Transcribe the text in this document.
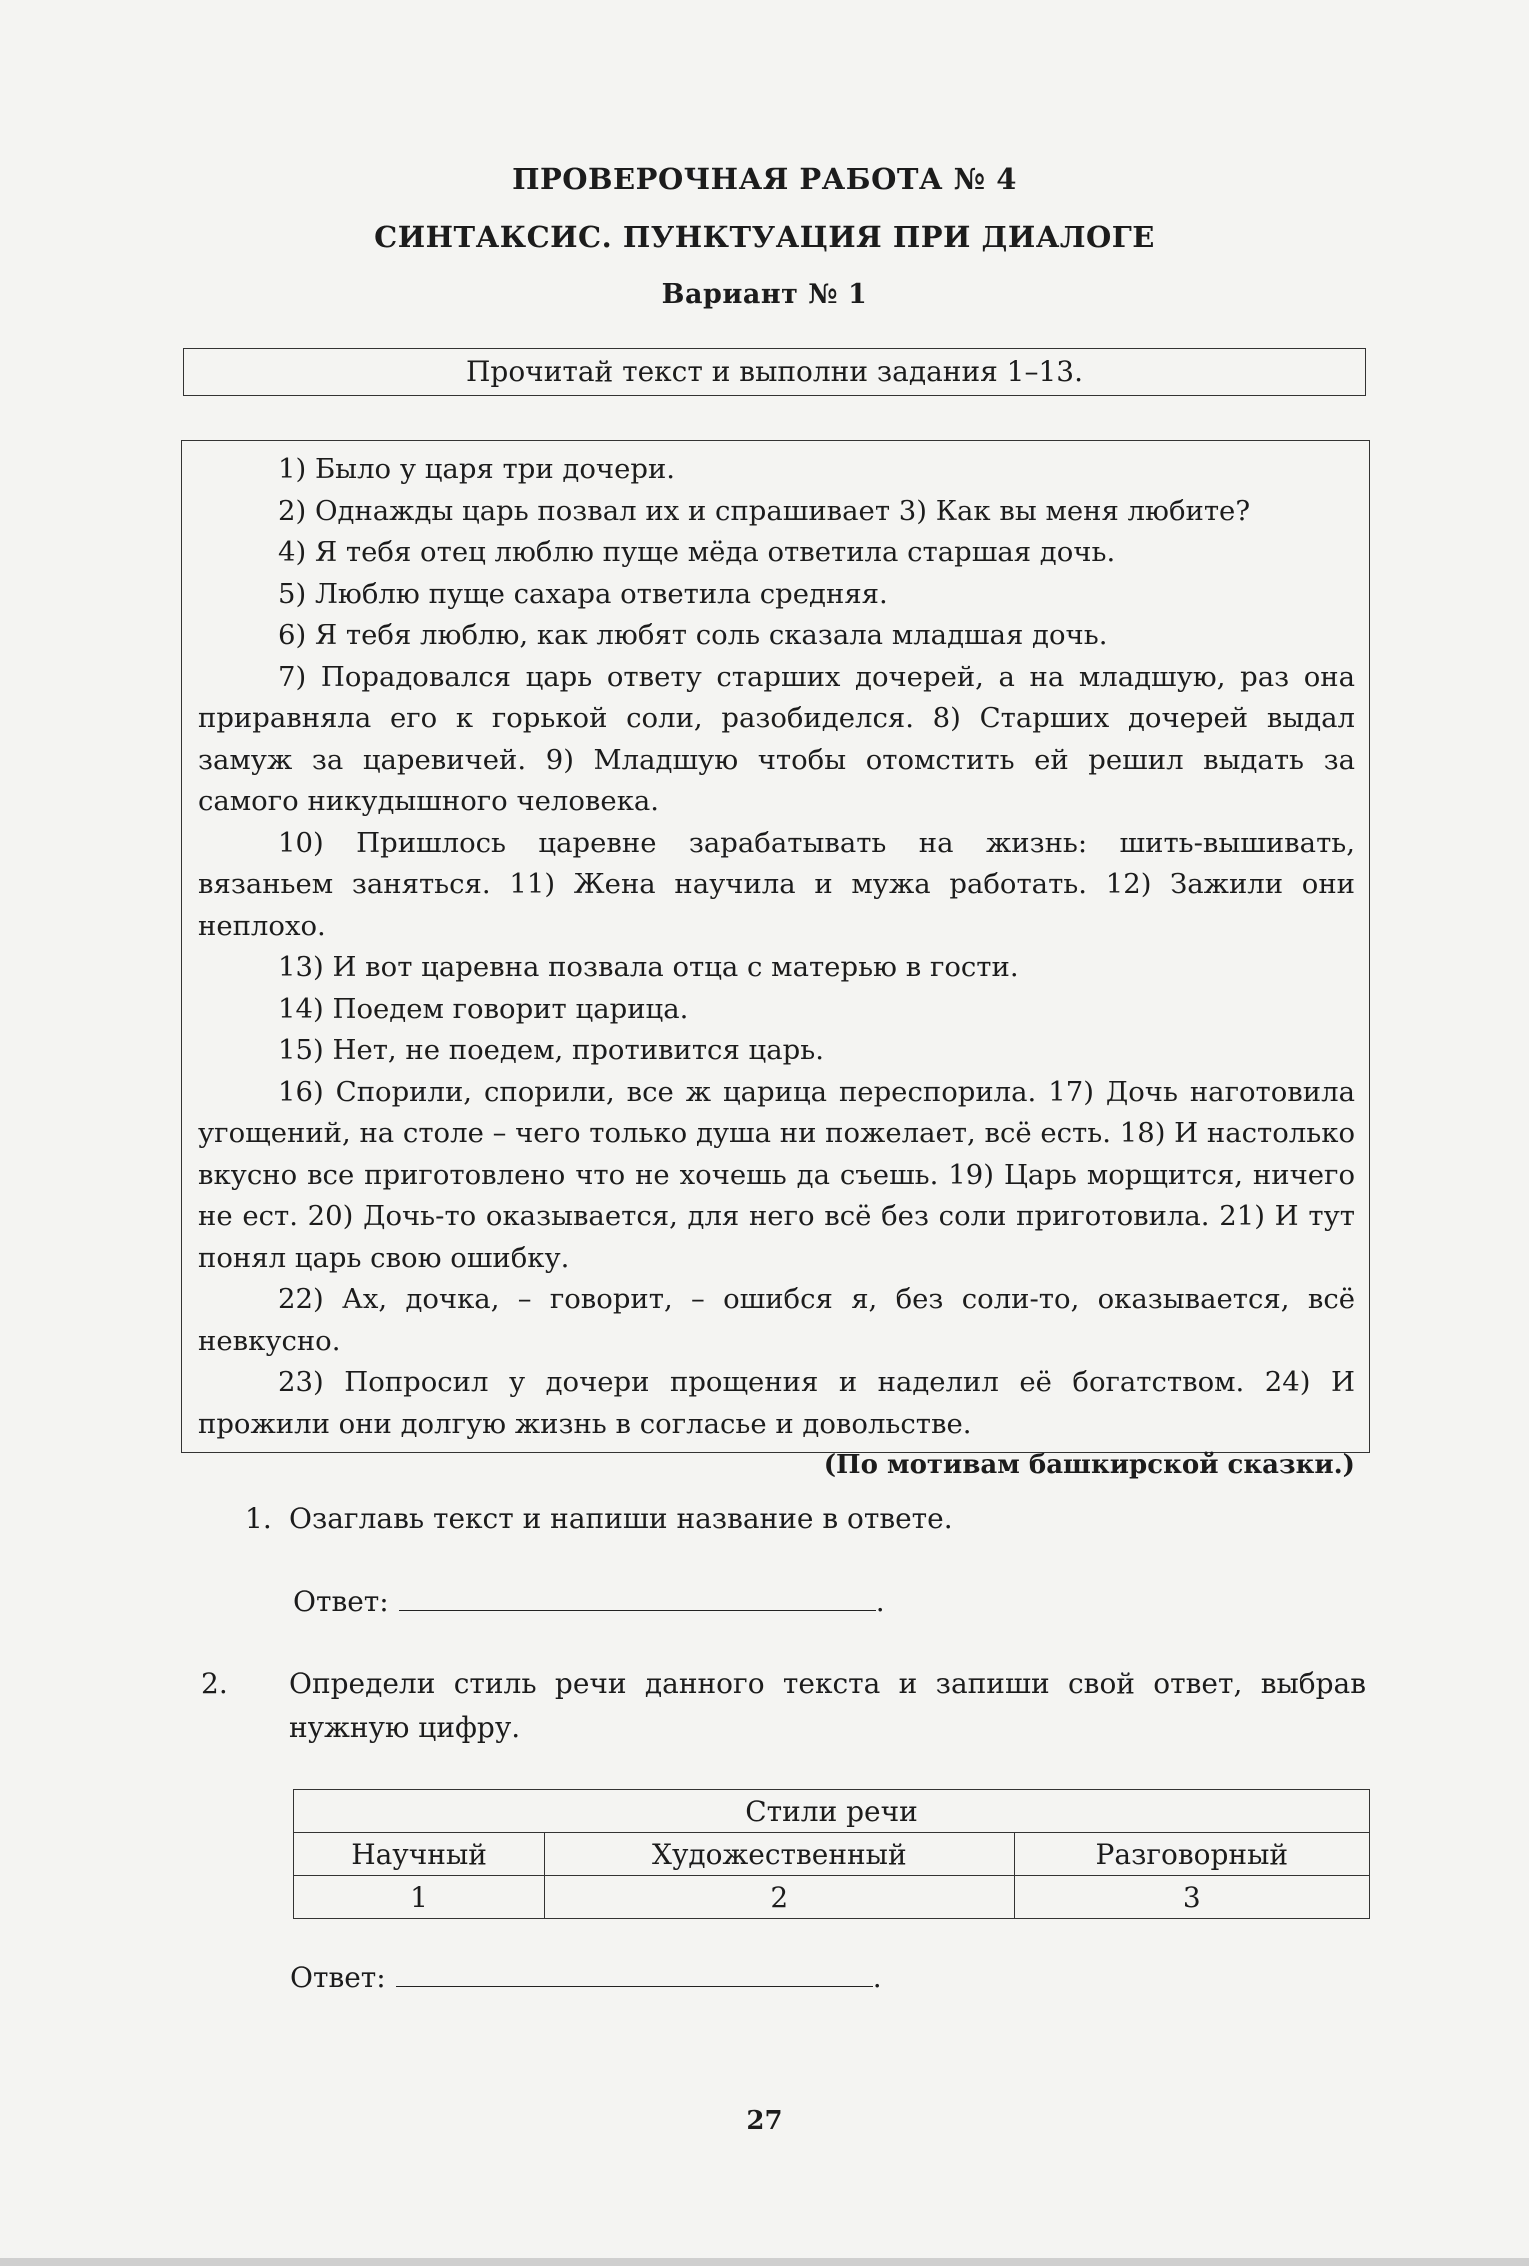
ПРОВЕРОЧНАЯ РАБОТА № 4
СИНТАКСИС. ПУНКТУАЦИЯ ПРИ ДИАЛОГЕ
Вариант № 1
Прочитай текст и выполни задания 1–13.

1) Было у царя три дочери.

2) Однажды царь позвал их и спрашивает 3) Как вы меня любите?

4) Я тебя отец люблю пуще мёда ответила старшая дочь.

5) Люблю пуще сахара ответила средняя.

6) Я тебя люблю, как любят соль сказала младшая дочь.

7) Порадовался царь ответу старших дочерей, а на младшую, раз она приравняла его к горькой соли, разобиделся. 8) Старших дочерей выдал замуж за царевичей. 9) Младшую чтобы отомстить ей решил выдать за самого никудышного человека.

10) Пришлось царевне зарабатывать на жизнь: шить-вышивать, вязаньем заняться. 11) Жена научила и мужа работать. 12) Зажили они неплохо.

13) И вот царевна позвала отца с матерью в гости.

14) Поедем говорит царица.

15) Нет, не поедем, противится царь.

16) Спорили, спорили, все ж царица переспорила. 17) Дочь наготовила угощений, на столе – чего только душа ни пожелает, всё есть. 18) И настолько вкусно все приготовлено что не хочешь да съешь. 19) Царь морщится, ничего не ест. 20) Дочь-то оказывается, для него всё без соли приготовила. 21) И тут понял царь свою ошибку.

22) Ах, дочка, – говорит, – ошибся я, без соли-то, оказывается, всё невкусно.

23) Попросил у дочери прощения и наделил её богатством. 24) И прожили они долгую жизнь в согласье и довольстве.

(По мотивам башкирской сказки.)

1. Озаглавь текст и напиши название в ответе.
Ответ:	.
2. Определи стиль речи данного текста и запиши свой ответ, выбрав нужную цифру.
Стили речи		
Научный	Художественный	Разговорный
1	2	3
Ответ:	.
27
